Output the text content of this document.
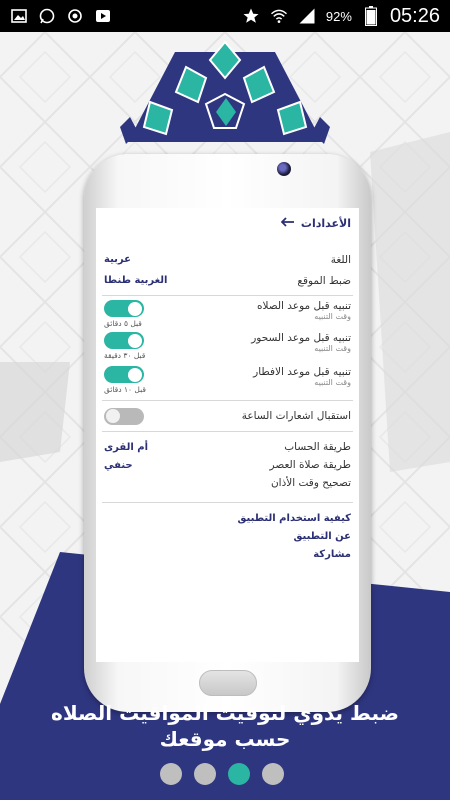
92% 05:26
الأعدادات
اللغة
عربية
ضبط الموقع
الغربية طنطا
تنبيه قبل موعد الصلاه
وقت التنبيه
قبل ٥ دقائق
تنبيه قبل موعد السحور
وقت التنبيه
قبل ٣٠ دقيقة
تنبيه قبل موعد الافطار
وقت التنبيه
قبل ١٠ دقائق
استقبال اشعارات الساعة
طريقة الحساب
أم القرى
طريقة صلاة العصر
حنفي
تصحيح وقت الأذان
كيفية استخدام التطبيق
عن التطبيق
مشاركة
ضبط يدوي لتوقيت المواقيت الصلاه
حسب موقعك
